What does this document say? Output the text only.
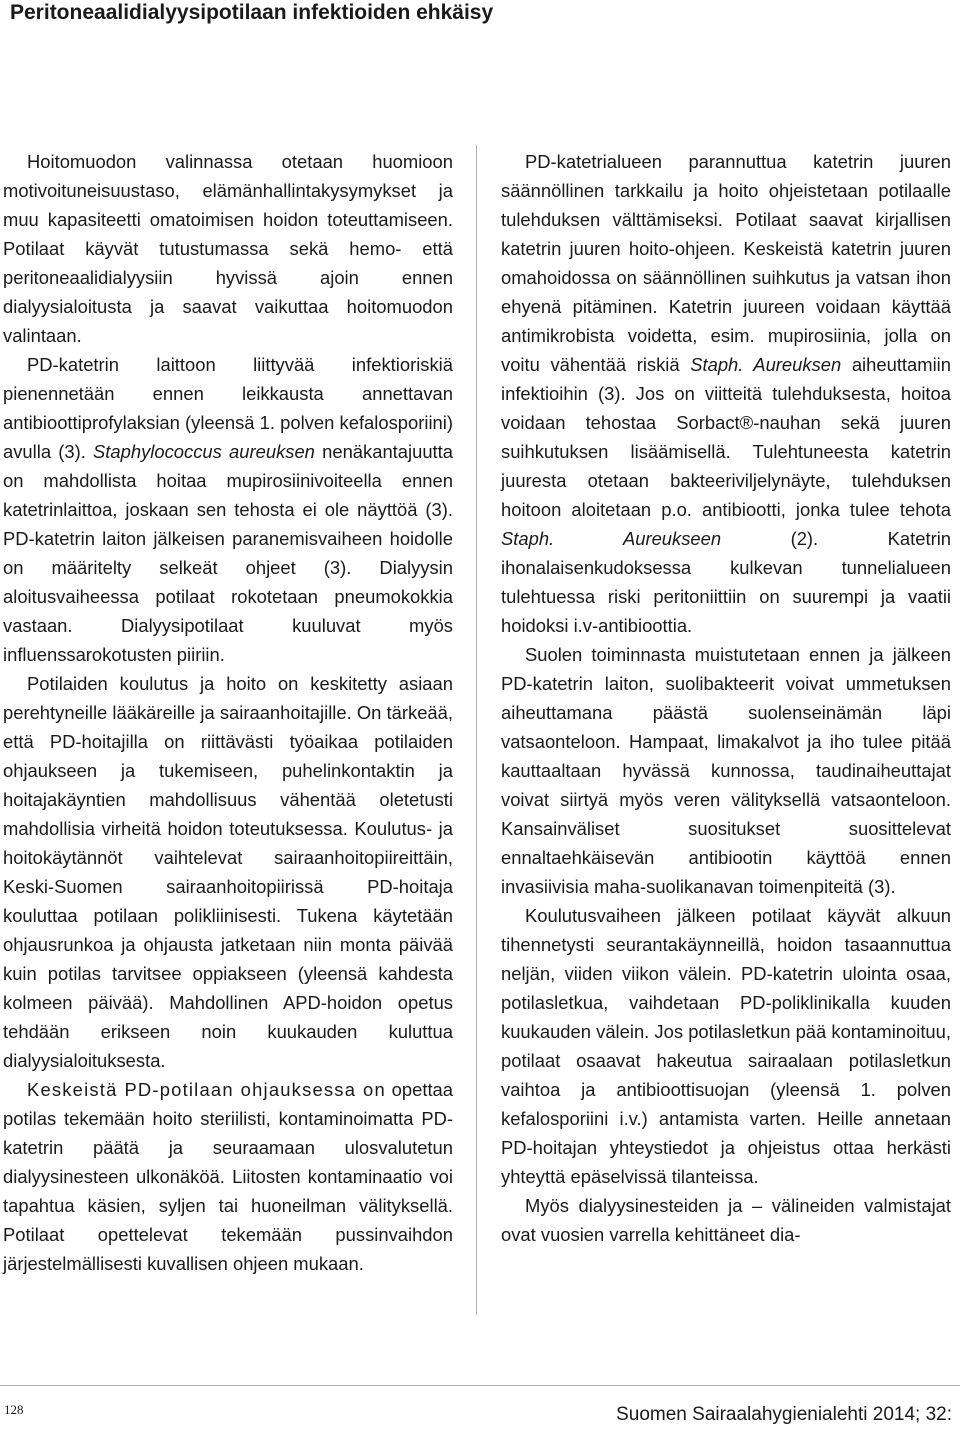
Peritoneaalidialyysipotilaan infektioiden ehkäisy

Hoitomuodon valinnassa otetaan huomioon motivoituneisuustaso, elämänhallintakysymykset ja muu kapasiteetti omatoimisen hoidon toteuttamiseen. Potilaat käyvät tutustumassa sekä hemo- että peritoneaalidialyysiin hyvissä ajoin ennen dialyysialoitusta ja saavat vaikuttaa hoitomuodon valintaan.

PD-katetrin laittoon liittyvää infektioriskiä pienennetään ennen leikkausta annettavan antibioottiprofylaksian (yleensä 1. polven kefalosporiini) avulla (3). Staphylococcus aureuksen nenäkantajuutta on mahdollista hoitaa mupirosiinivoiteella ennen katetrinlaittoa, joskaan sen tehosta ei ole näyttöä (3). PD-katetrin laiton jälkeisen paranemisvaiheen hoidolle on määritelty selkeät ohjeet (3). Dialyysin aloitusvaiheessa potilaat rokotetaan pneumokokkia vastaan. Dialyysipotilaat kuuluvat myös influenssarokotusten piiriin.

Potilaiden koulutus ja hoito on keskitetty asiaan perehtyneille lääkäreille ja sairaanhoitajille. On tärkeää, että PD-hoitajilla on riittävästi työaikaa potilaiden ohjaukseen ja tukemiseen, puhelinkontaktin ja hoitajakäyntien mahdollisuus vähentää oletetusti mahdollisia virheitä hoidon toteutuksessa. Koulutus- ja hoitokäytännöt vaihtelevat sairaanhoitopiireittäin, Keski-Suomen sairaanhoitopiirissä PD-hoitaja kouluttaa potilaan polikliinisesti. Tukena käytetään ohjausrunkoa ja ohjausta jatketaan niin monta päivää kuin potilas tarvitsee oppiakseen (yleensä kahdesta kolmeen päivää). Mahdollinen APD-hoidon opetus tehdään erikseen noin kuukauden kuluttua dialyysialoituksesta.

Keskeistä PD-potilaan ohjauksessa on opettaa potilas tekemään hoito steriilisti, kontaminoimatta PD-katetrin päätä ja seuraamaan ulosvalutetun dialyysinesteen ulkonäköä. Liitosten kontaminaatio voi tapahtua käsien, syljen tai huoneilman välityksellä. Potilaat opettelevat tekemään pussinvaihdon järjestelmällisesti kuvallisen ohjeen mukaan.

PD-katetrialueen parannuttua katetrin juuren säännöllinen tarkkailu ja hoito ohjeistetaan potilaalle tulehduksen välttämiseksi. Potilaat saavat kirjallisen katetrin juuren hoito-ohjeen. Keskeistä katetrin juuren omahoidossa on säännöllinen suihkutus ja vatsan ihon ehyenä pitäminen. Katetrin juureen voidaan käyttää antimikrobista voidetta, esim. mupirosiinia, jolla on voitu vähentää riskiä Staph. Aureuksen aiheuttamiin infektioihin (3). Jos on viitteitä tulehduksesta, hoitoa voidaan tehostaa Sorbact®-nauhan sekä juuren suihkutuksen lisäämisellä. Tulehtuneesta katetrin juuresta otetaan bakteeriviljelynäyte, tulehduksen hoitoon aloitetaan p.o. antibiootti, jonka tulee tehota Staph. Aureukseen (2). Katetrin ihonalaisenkudoksessa kulkevan tunnelialueen tulehtuessa riski peritoniittiin on suurempi ja vaatii hoidoksi i.v-antibioottia.

Suolen toiminnasta muistutetaan ennen ja jälkeen PD-katetrin laiton, suolibakteerit voivat ummetuksen aiheuttamana päästä suolenseinämän läpi vatsaonteloon. Hampaat, limakalvot ja iho tulee pitää kauttaaltaan hyvässä kunnossa, taudinaiheuttajat voivat siirtyä myös veren välityksellä vatsaonteloon. Kansainväliset suositukset suosittelevat ennaltaehkäisevän antibiootin käyttöä ennen invasiivisia maha-suolikanavan toimenpiteitä (3).

Koulutusvaiheen jälkeen potilaat käyvät alkuun tihennetysti seurantakäynneillä, hoidon tasaannuttua neljän, viiden viikon välein. PD-katetrin ulointa osaa, potilasletkua, vaihdetaan PD-poliklinikalla kuuden kuukauden välein. Jos potilasletkun pää kontaminoituu, potilaat osaavat hakeutua sairaalaan potilasletkun vaihtoa ja antibioottisuojan (yleensä 1. polven kefalosporiini i.v.) antamista varten. Heille annetaan PD-hoitajan yhteystiedot ja ohjeistus ottaa herkästi yhteyttä epäselvissä tilanteissa.

Myös dialyysinesteiden ja – välineiden valmistajat ovat vuosien varrella kehittäneet dia-

128	Suomen Sairaalahygienialehti 2014; 32:
